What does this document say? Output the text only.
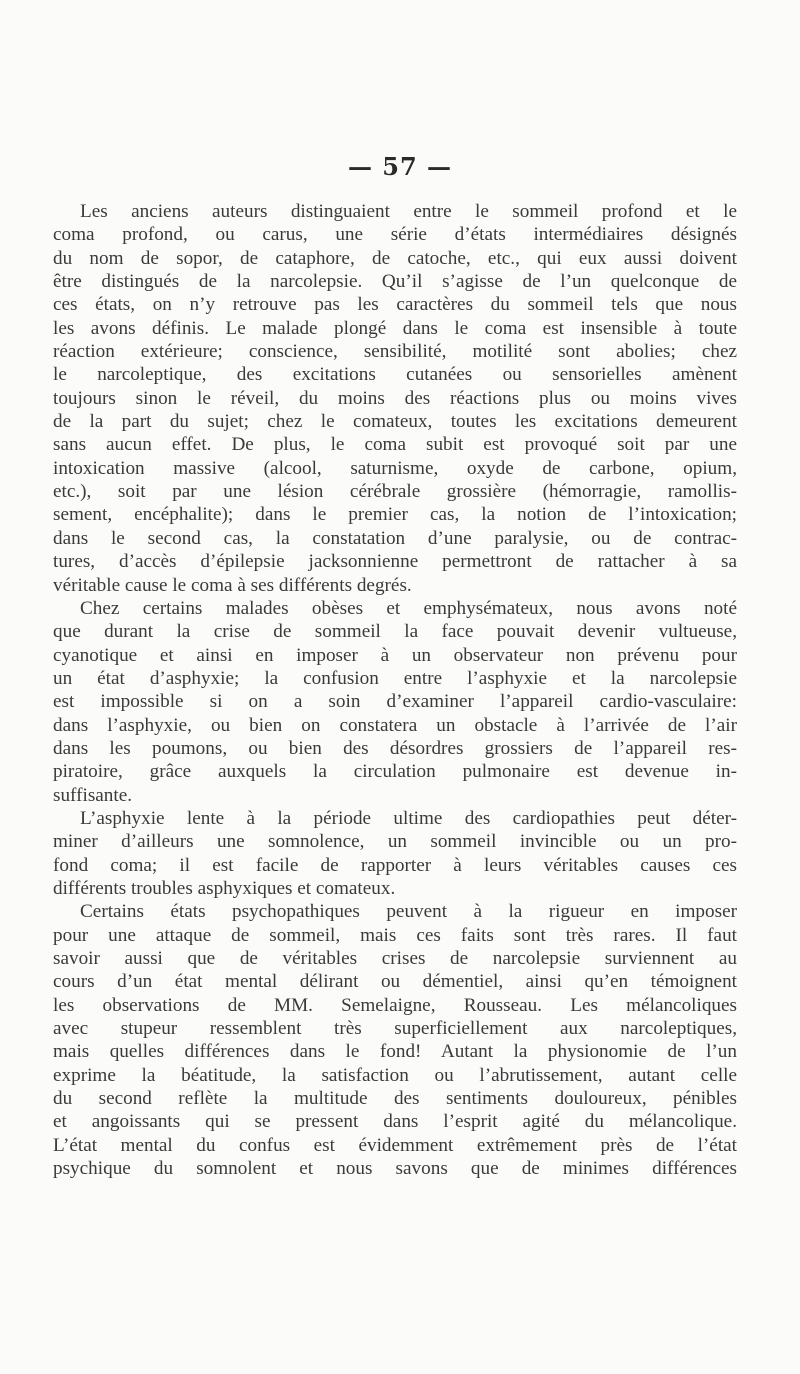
— 57 —
Les anciens auteurs distinguaient entre le sommeil profond et le
coma profond, ou carus, une série d’états intermédiaires désignés
du nom de sopor, de cataphore, de catoche, etc., qui eux aussi doivent
être distingués de la narcolepsie. Qu’il s’agisse de l’un quelconque de
ces états, on n’y retrouve pas les caractères du sommeil tels que nous
les avons définis. Le malade plongé dans le coma est insensible à toute
réaction extérieure; conscience, sensibilité, motilité sont abolies; chez
le narcoleptique, des excitations cutanées ou sensorielles amènent
toujours sinon le réveil, du moins des réactions plus ou moins vives
de la part du sujet; chez le comateux, toutes les excitations demeurent
sans aucun effet. De plus, le coma subit est provoqué soit par une
intoxication massive (alcool, saturnisme, oxyde de carbone, opium,
etc.), soit par une lésion cérébrale grossière (hémorragie, ramollis-
sement, encéphalite); dans le premier cas, la notion de l’intoxication;
dans le second cas, la constatation d’une paralysie, ou de contrac-
tures, d’accès d’épilepsie jacksonnienne permettront de rattacher à sa
véritable cause le coma à ses différents degrés.
Chez certains malades obèses et emphysémateux, nous avons noté
que durant la crise de sommeil la face pouvait devenir vultueuse,
cyanotique et ainsi en imposer à un observateur non prévenu pour
un état d’asphyxie; la confusion entre l’asphyxie et la narcolepsie
est impossible si on a soin d’examiner l’appareil cardio-vasculaire:
dans l’asphyxie, ou bien on constatera un obstacle à l’arrivée de l’air
dans les poumons, ou bien des désordres grossiers de l’appareil res-
piratoire, grâce auxquels la circulation pulmonaire est devenue in-
suffisante.
L’asphyxie lente à la période ultime des cardiopathies peut déter-
miner d’ailleurs une somnolence, un sommeil invincible ou un pro-
fond coma; il est facile de rapporter à leurs véritables causes ces
différents troubles asphyxiques et comateux.
Certains états psychopathiques peuvent à la rigueur en imposer
pour une attaque de sommeil, mais ces faits sont très rares. Il faut
savoir aussi que de véritables crises de narcolepsie surviennent au
cours d’un état mental délirant ou démentiel, ainsi qu’en témoignent
les observations de MM. Semelaigne, Rousseau. Les mélancoliques
avec stupeur ressemblent très superficiellement aux narcoleptiques,
mais quelles différences dans le fond! Autant la physionomie de l’un
exprime la béatitude, la satisfaction ou l’abrutissement, autant celle
du second reflète la multitude des sentiments douloureux, pénibles
et angoissants qui se pressent dans l’esprit agité du mélancolique.
L’état mental du confus est évidemment extrêmement près de l’état
psychique du somnolent et nous savons que de minimes différences
